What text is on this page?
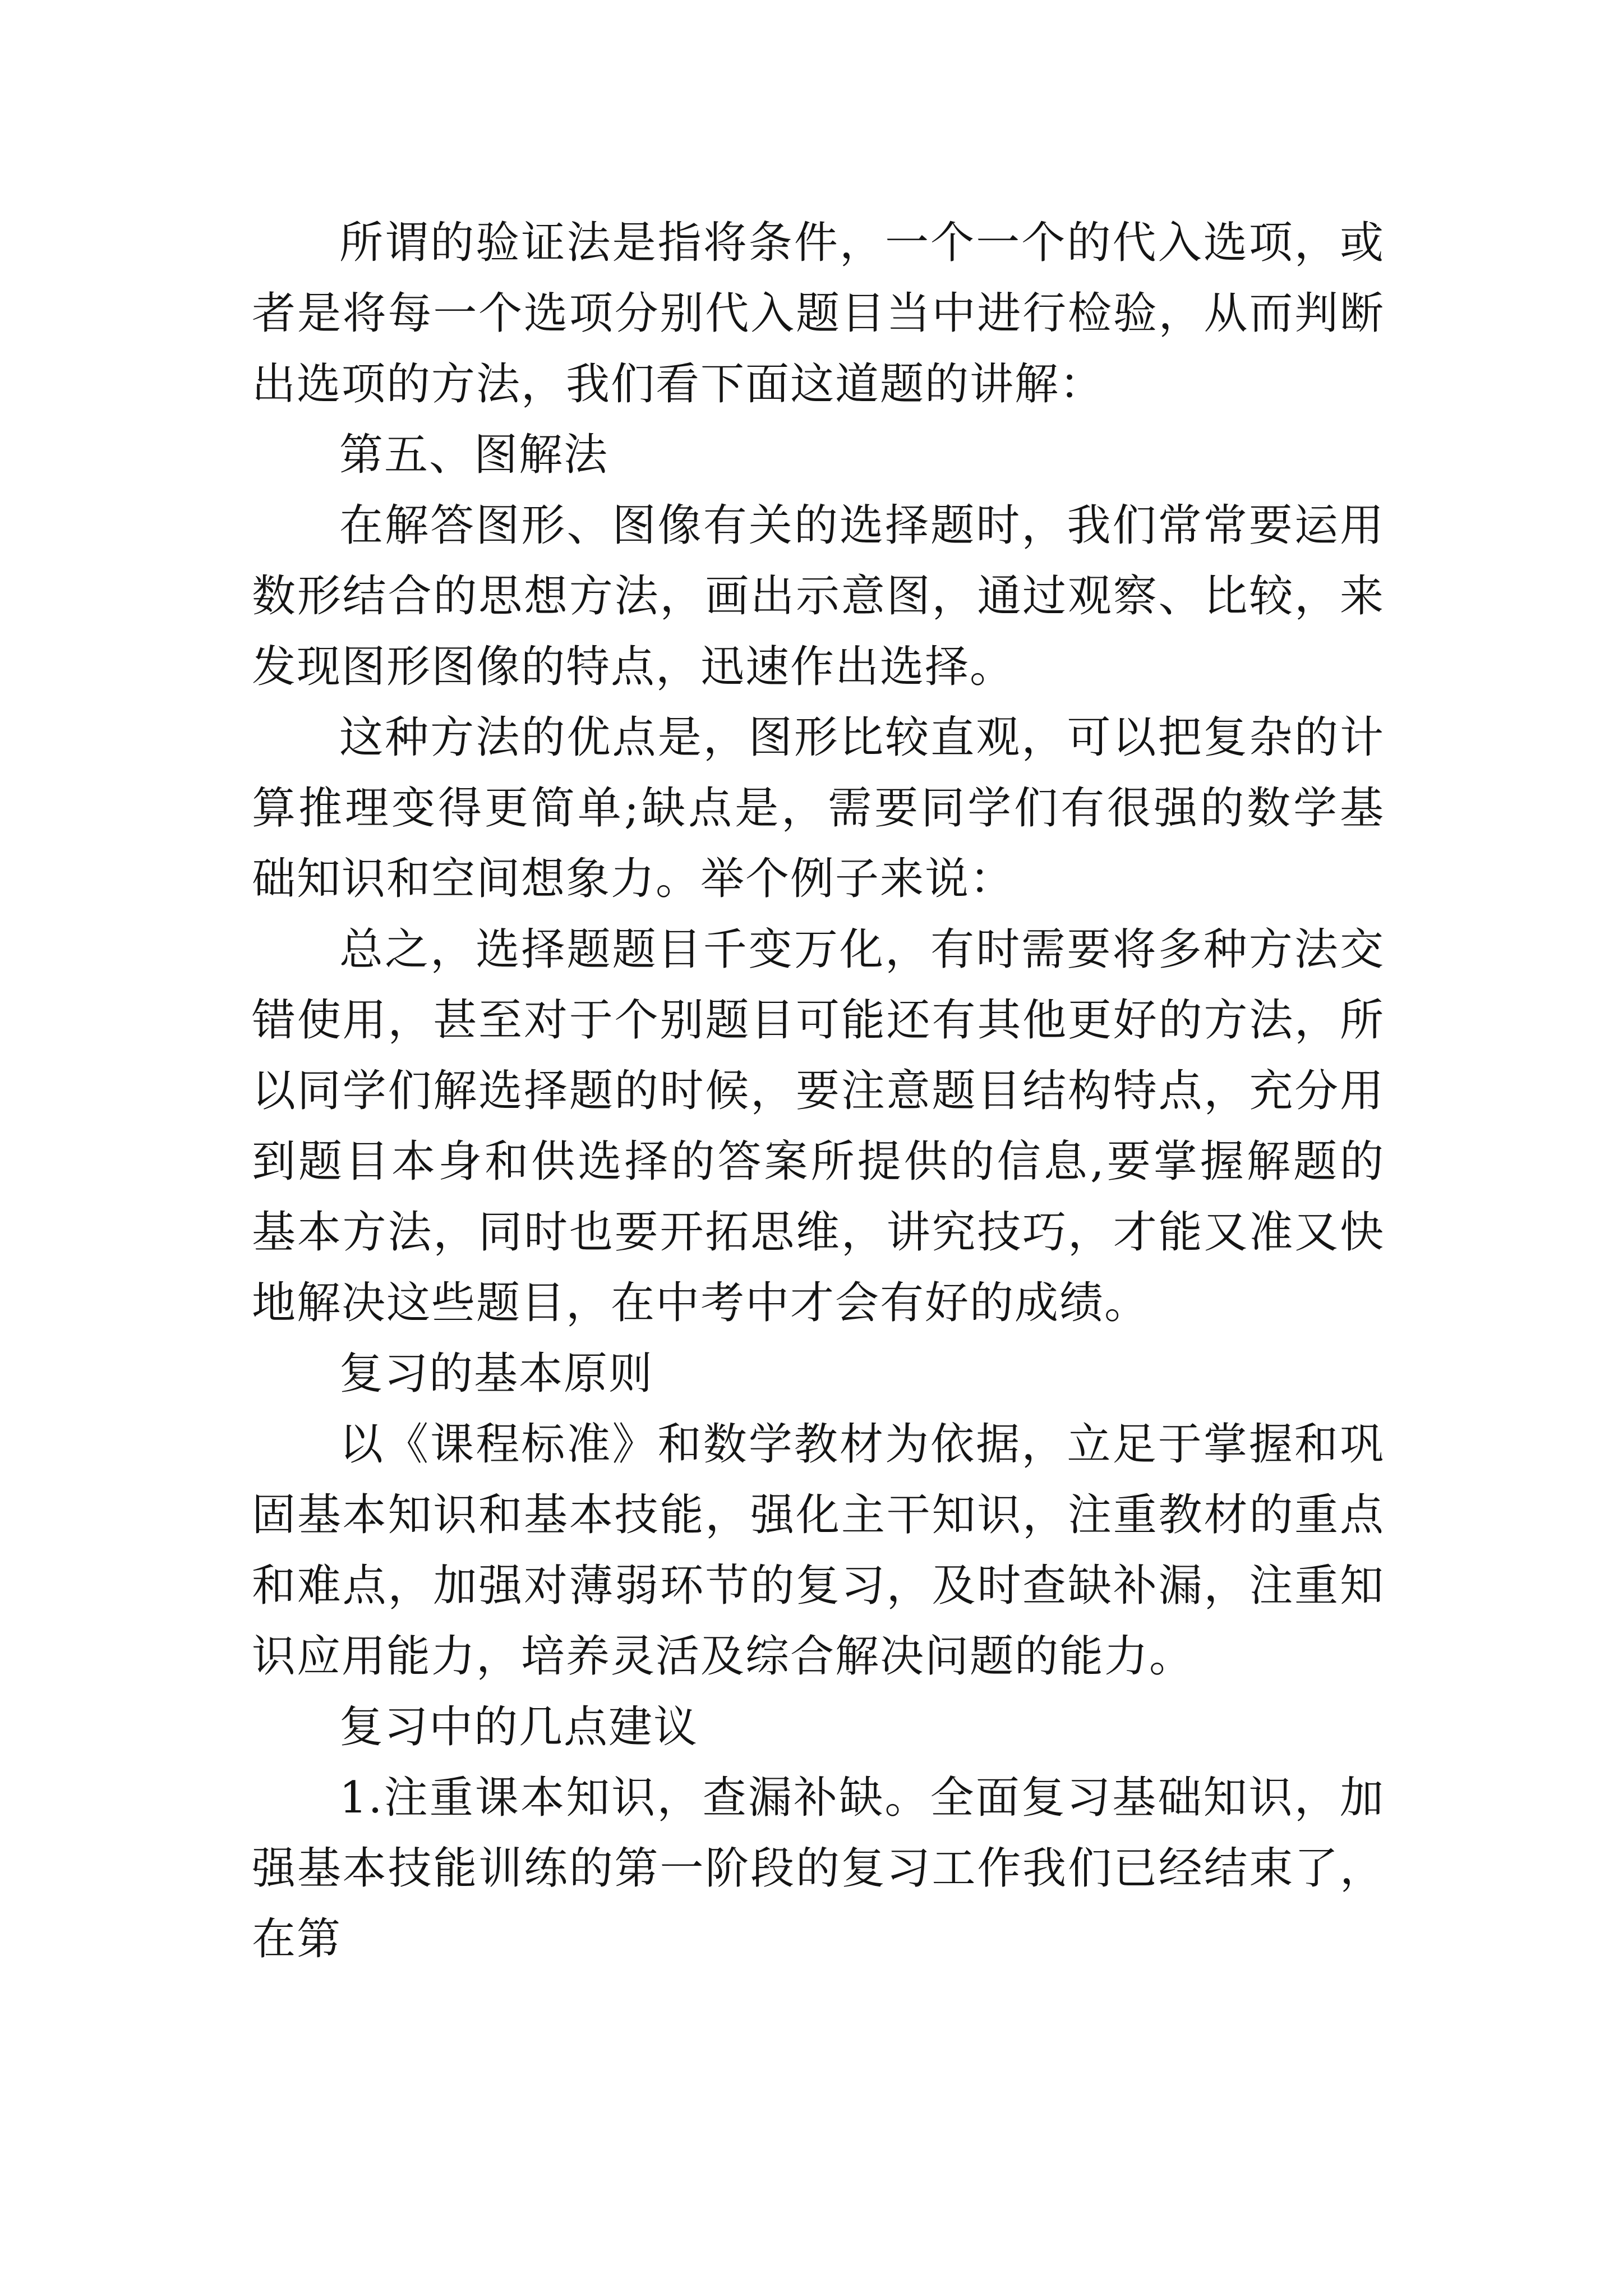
所谓的验证法是指将条件，一个一个的代入选项，或者是将每一个选项分别代入题目当中进行检验，从而判断出选项的方法，我们看下面这道题的讲解：

第五、图解法

在解答图形、图像有关的选择题时，我们常常要运用数形结合的思想方法，画出示意图，通过观察、比较，来发现图形图像的特点，迅速作出选择。

这种方法的优点是，图形比较直观，可以把复杂的计算推理变得更简单;缺点是，需要同学们有很强的数学基础知识和空间想象力。举个例子来说：

总之，选择题题目千变万化，有时需要将多种方法交错使用，甚至对于个别题目可能还有其他更好的方法，所以同学们解选择题的时候，要注意题目结构特点，充分用到题目本身和供选择的答案所提供的信息,要掌握解题的基本方法，同时也要开拓思维，讲究技巧，才能又准又快地解决这些题目，在中考中才会有好的成绩。

复习的基本原则

以《课程标准》和数学教材为依据，立足于掌握和巩固基本知识和基本技能，强化主干知识，注重教材的重点和难点，加强对薄弱环节的复习，及时查缺补漏，注重知识应用能力，培养灵活及综合解决问题的能力。

复习中的几点建议

1.注重课本知识，查漏补缺。全面复习基础知识，加强基本技能训练的第一阶段的复习工作我们已经结束了，在第
